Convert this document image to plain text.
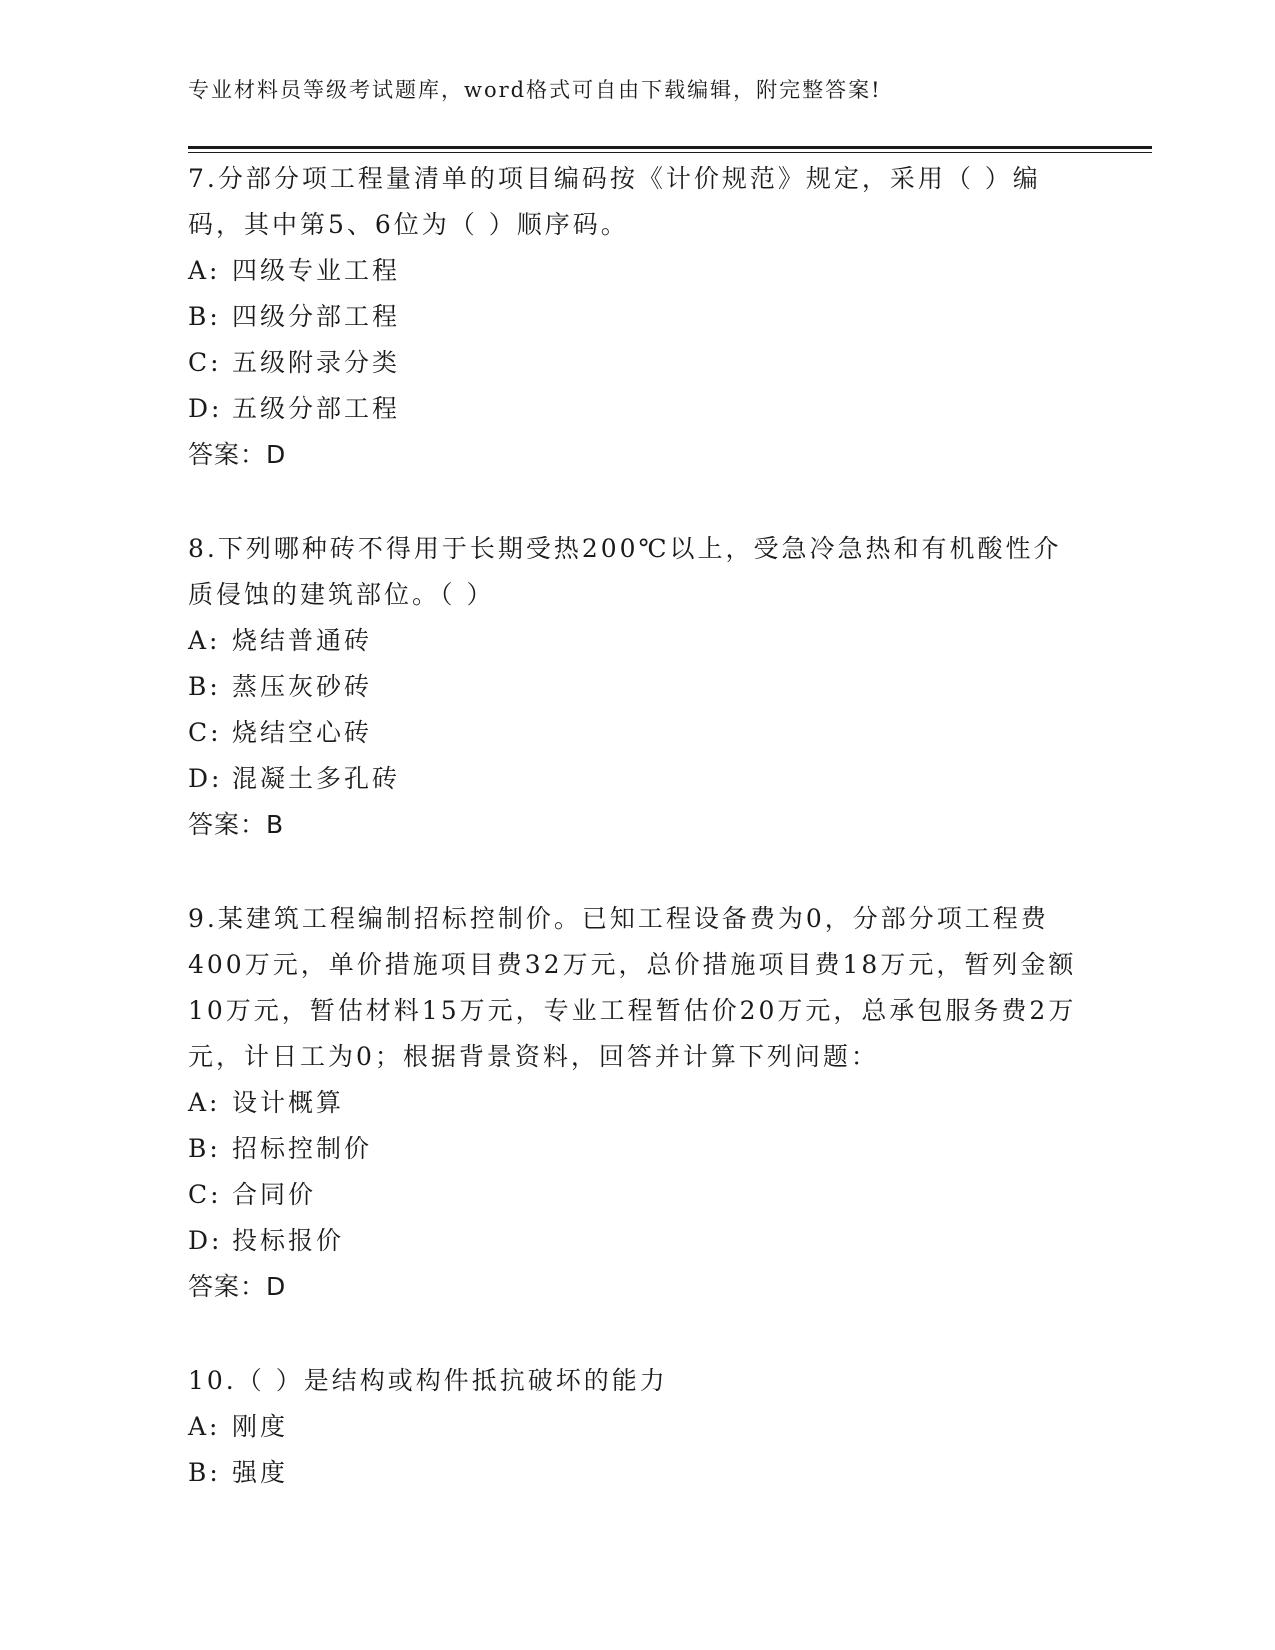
专业材料员等级考试题库，word格式可自由下载编辑，附完整答案!
7.分部分项工程量清单的项目编码按《计价规范》规定，采用（ ）编码，其中第5、6位为（ ）顺序码。
A: 四级专业工程
B: 四级分部工程
C: 五级附录分类
D: 五级分部工程
答案：D
8.下列哪种砖不得用于长期受热200℃以上，受急冷急热和有机酸性介质侵蚀的建筑部位。（ ）
A: 烧结普通砖
B: 蒸压灰砂砖
C: 烧结空心砖
D: 混凝土多孔砖
答案：B
9.某建筑工程编制招标控制价。已知工程设备费为0，分部分项工程费400万元，单价措施项目费32万元，总价措施项目费18万元，暂列金额10万元，暂估材料15万元，专业工程暂估价20万元，总承包服务费2万元，计日工为0；根据背景资料，回答并计算下列问题：
A: 设计概算
B: 招标控制价
C: 合同价
D: 投标报价
答案：D
10.（ ）是结构或构件抵抗破坏的能力
A: 刚度
B: 强度
